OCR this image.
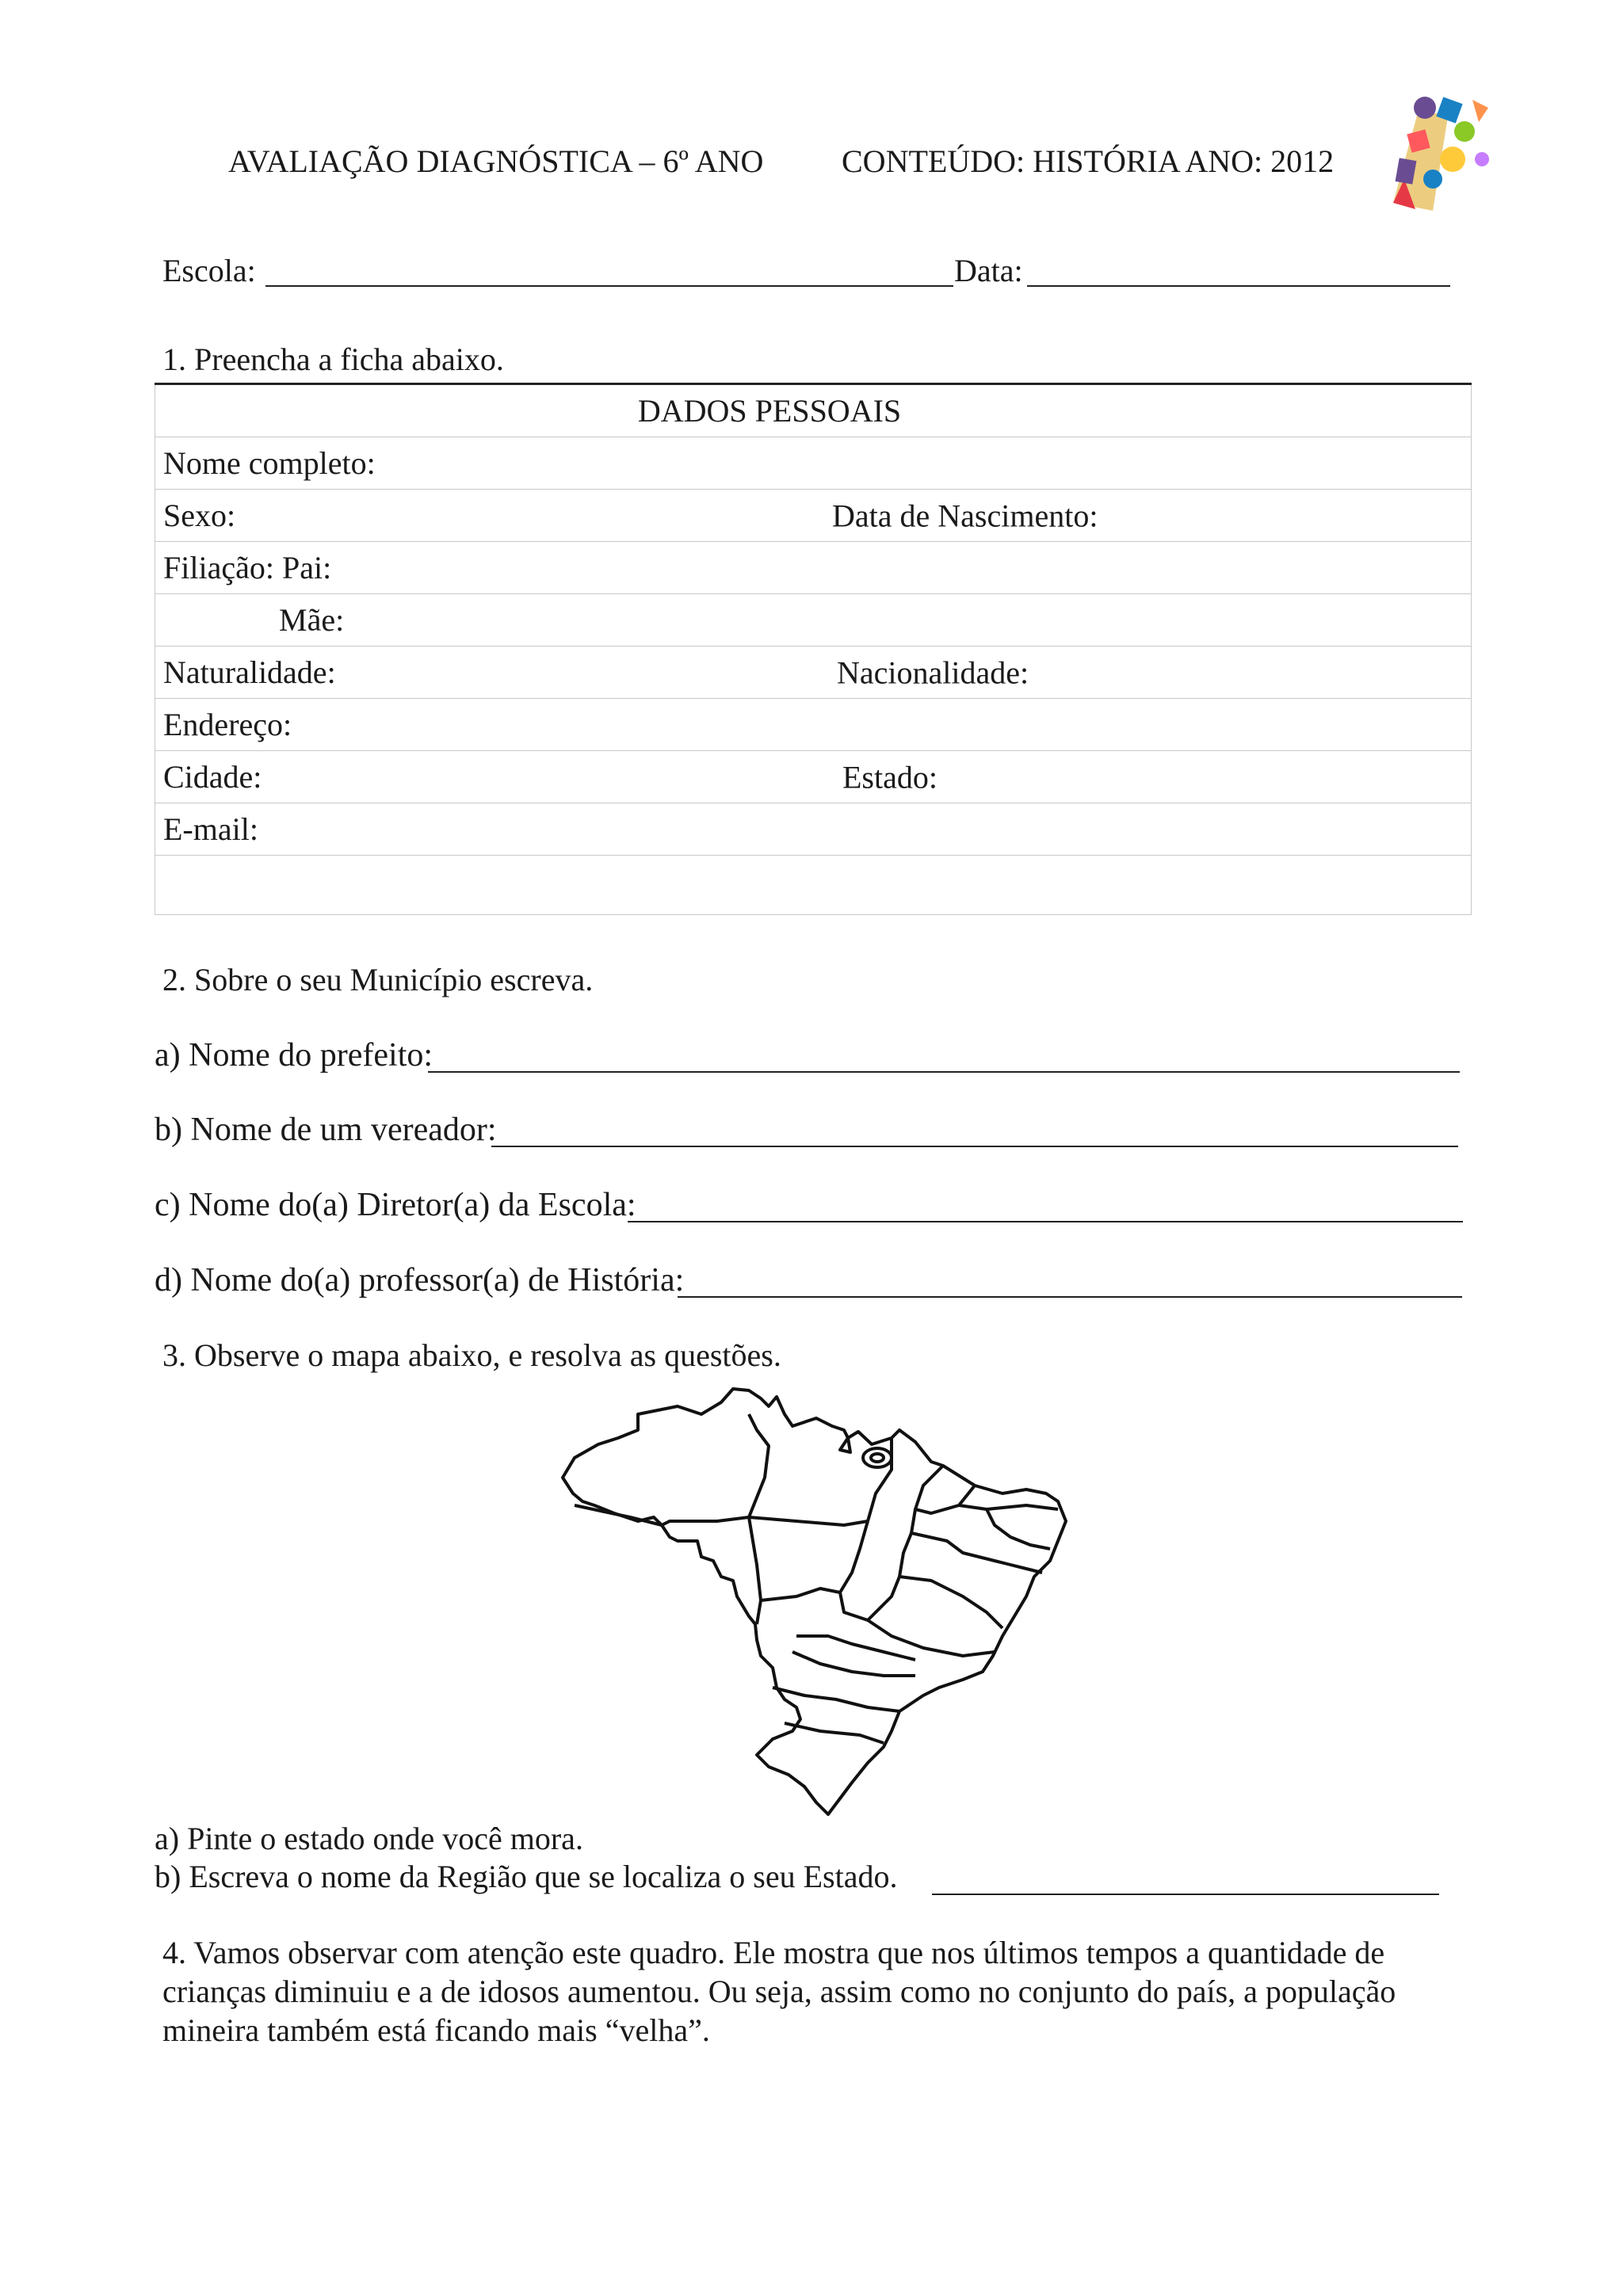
AVALIAÇÃO DIAGNÓSTICA – 6º ANO CONTEÚDO: HISTÓRIA ANO: 2012
Escola:	Data:
1. Preencha a ficha abaixo.
DADOS PESSOAIS
Nome completo:
Sexo:	Data de Nascimento:

Filiação: Pai:
Mãe:
Naturalidade:	Nacionalidade:

Endereço:
Cidade:	Estado:

E-mail:

2. Sobre o seu Município escreva.
a) Nome do prefeito:
b) Nome de um vereador:
c) Nome do(a) Diretor(a) da Escola:
d) Nome do(a) professor(a) de História:
3. Observe o mapa abaixo, e resolva as questões.
a) Pinte o estado onde você mora.
b) Escreva o nome da Região que se localiza o seu Estado.
4. Vamos observar com atenção este quadro. Ele mostra que nos últimos tempos a quantidade de crianças diminuiu e a de idosos aumentou. Ou seja, assim como no conjunto do país, a população mineira também está ficando mais “velha”.
